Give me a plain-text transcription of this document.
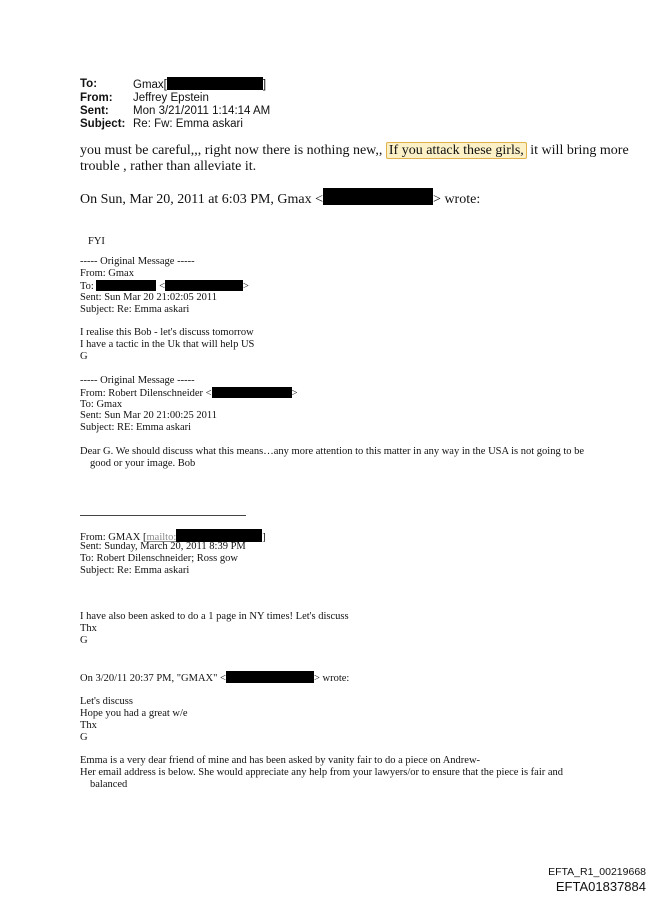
To:	Gmax[	]
From: Jeffrey Epstein
Sent: Mon 3/21/2011 1:14:14 AM
Subject: Re: Fw: Emma askari
you must be careful,,, right now there is nothing new,, If you attack these girls, it will bring more
trouble , rather than alleviate it.
On Sun, Mar 20, 2011 at 6:03 PM, Gmax <	> wrote:
FYI
----- Original Message -----
From: Gmax
To:	<	>
Sent: Sun Mar 20 21:02:05 2011
Subject: Re: Emma askari
I realise this Bob - let's discuss tomorrow
I have a tactic in the Uk that will help US
G
----- Original Message -----
From: Robert Dilenschneider <	>
To: Gmax
Sent: Sun Mar 20 21:00:25 2011
Subject: RE: Emma askari
Dear G. We should discuss what this means…any more attention to this matter in any way in the USA is not going to be
good or your image. Bob
From: GMAX [mailto:	]
Sent: Sunday, March 20, 2011 8:39 PM
To: Robert Dilenschneider; Ross gow
Subject: Re: Emma askari
I have also been asked to do a 1 page in NY times! Let's discuss
Thx
G
On 3/20/11 20:37 PM, "GMAX" <	> wrote:
Let's discuss
Hope you had a great w/e
Thx
G
Emma is a very dear friend of mine and has been asked by vanity fair to do a piece on Andrew-
Her email address is below. She would appreciate any help from your lawyers/or to ensure that the piece is fair and
balanced
EFTA_R1_00219668
EFTA01837884
